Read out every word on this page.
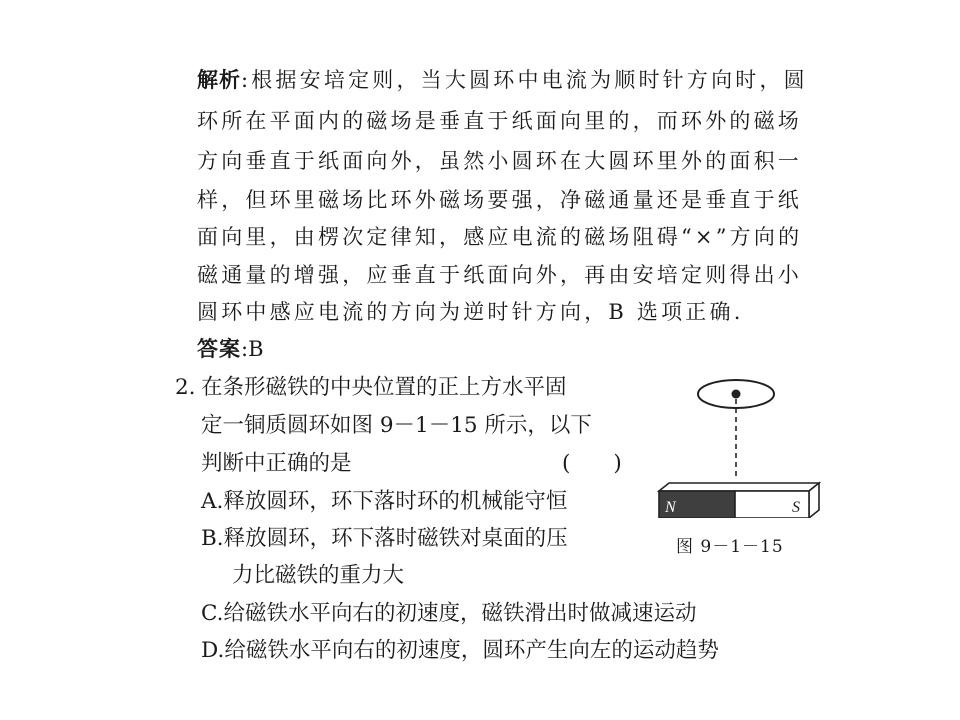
解析:根据安培定则，当大圆环中电流为顺时针方向时，圆
环所在平面内的磁场是垂直于纸面向里的，而环外的磁场
方向垂直于纸面向外，虽然小圆环在大圆环里外的面积一
样，但环里磁场比环外磁场要强，净磁通量还是垂直于纸
面向里，由楞次定律知，感应电流的磁场阻碍“×”方向的
磁通量的增强，应垂直于纸面向外，再由安培定则得出小
圆环中感应电流的方向为逆时针方向，B 选项正确.
答案:B
2. 在条形磁铁的中央位置的正上方水平固
定一铜质圆环如图 9－1－15 所示，以下
判断中正确的是	(　　)
A.释放圆环，环下落时环的机械能守恒
B.释放圆环，环下落时磁铁对桌面的压
力比磁铁的重力大
C.给磁铁水平向右的初速度，磁铁滑出时做减速运动
D.给磁铁水平向右的初速度，圆环产生向左的运动趋势
N	S
图 9－1－15
